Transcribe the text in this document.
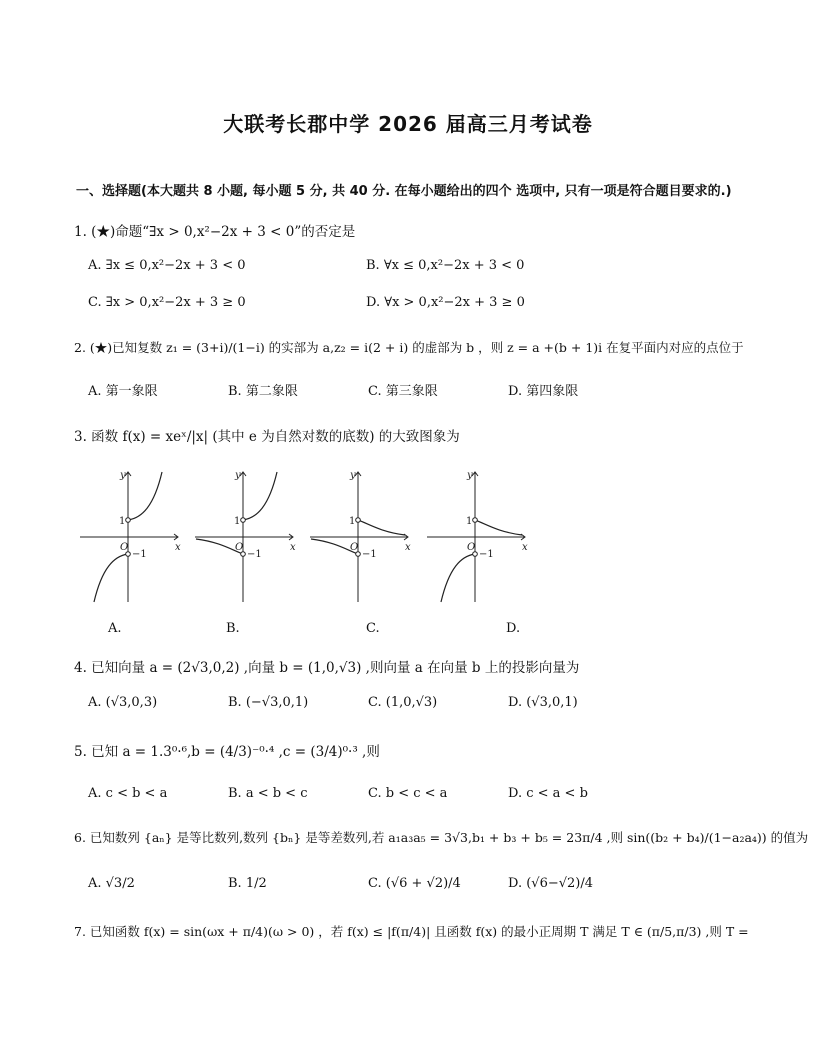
大联考长郡中学 2026 届高三月考试卷
一、选择题(本大题共 8 小题, 每小题 5 分, 共 40 分. 在每小题给出的四个 选项中, 只有一项是符合题目要求的.)
1. (★)命题“∃x > 0,x²−2x + 3 < 0”的否定是
A. ∃x ≤ 0,x²−2x + 3 < 0	B. ∀x ≤ 0,x²−2x + 3 < 0
C. ∃x > 0,x²−2x + 3 ≥ 0	D. ∀x > 0,x²−2x + 3 ≥ 0
2. (★)已知复数 z₁ = (3+i)/(1−i) 的实部为 a,z₂ = i(2 + i) 的虚部为 b ，则 z = a +(b + 1)i 在复平面内对应的点位于
A. 第一象限	B. 第二象限	C. 第三象限	D. 第四象限
3. 函数 f(x) = xeˣ/|x| (其中 e 为自然对数的底数) 的大致图象为
y
x
O
y
x
O
y
x
O
y
x
O
1
−1
1
−1
1
−1
1
−1
A.	B.	C.	D.
4. 已知向量 a = (2√3,0,2) ,向量 b = (1,0,√3) ,则向量 a 在向量 b 上的投影向量为
A. (√3,0,3)	B. (−√3,0,1)	C. (1,0,√3)	D. (√3,0,1)
5. 已知 a = 1.3⁰·⁶,b = (4/3)⁻⁰·⁴ ,c = (3/4)⁰·³ ,则
A. c < b < a	B. a < b < c	C. b < c < a	D. c < a < b
6. 已知数列 {aₙ} 是等比数列,数列 {bₙ} 是等差数列,若 a₁a₃a₅ = 3√3,b₁ + b₃ + b₅ = 23π/4 ,则 sin((b₂ + b₄)/(1−a₂a₄)) 的值为
A. √3/2	B. 1/2	C. (√6 + √2)/4	D. (√6−√2)/4
7. 已知函数 f(x) = sin(ωx + π/4)(ω > 0) ，若 f(x) ≤ |f(π/4)| 且函数 f(x) 的最小正周期 T 满足 T ∈ (π/5,π/3) ,则 T =
